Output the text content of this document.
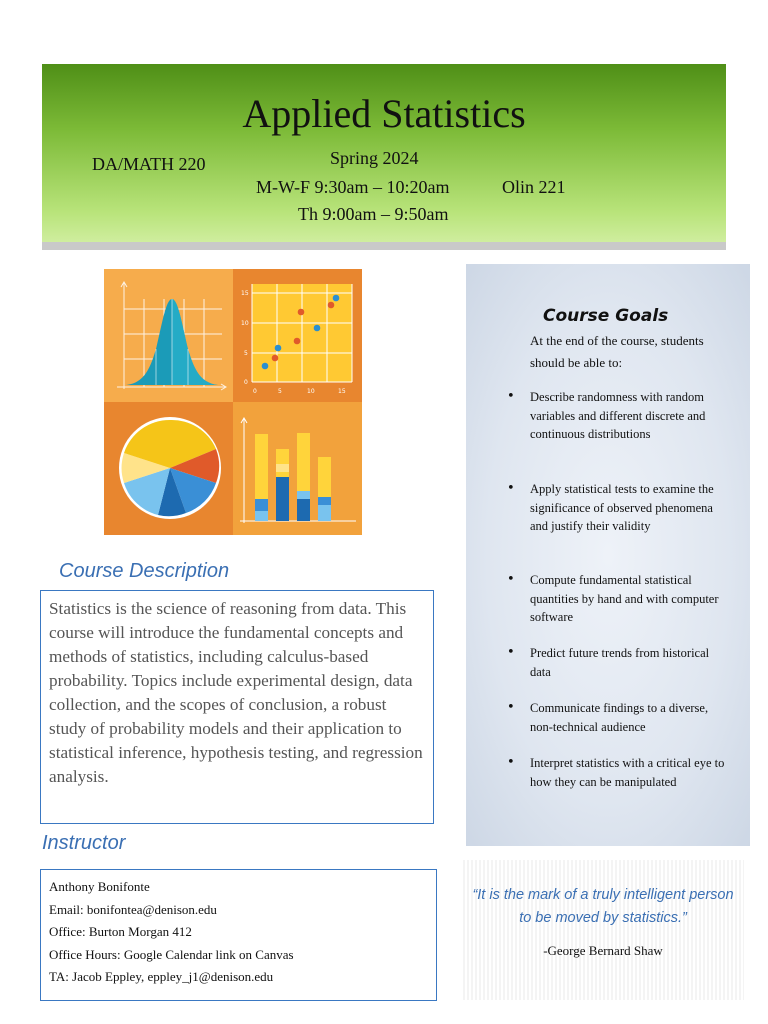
Applied Statistics
DA/MATH 220	Spring 2024
M-W-F 9:30am – 10:20am	Olin 221
Th 9:00am – 9:50am
15
10
5
0
0	5	10	15
Course Description
Statistics is the science of reasoning from data. This course will introduce the fundamental concepts and methods of statistics, including calculus-based probability. Topics include experimental design, data collection, and the scopes of conclusion, a robust study of probability models and their application to statistical inference, hypothesis testing, and regression analysis.
Instructor
Anthony Bonifonte
Email: bonifontea@denison.edu
Office: Burton Morgan 412
Office Hours: Google Calendar link on Canvas
TA: Jacob Eppley, eppley_j1@denison.edu
Course Goals
At the end of the course, students should be able to:
• Describe randomness with random variables and different discrete and continuous distributions
• Apply statistical tests to examine the significance of observed phenomena and justify their validity
• Compute fundamental statistical quantities by hand and with computer software
• Predict future trends from historical data
• Communicate findings to a diverse, non-technical audience
• Interpret statistics with a critical eye to how they can be manipulated
“It is the mark of a truly intelligent person to be moved by statistics.”
-George Bernard Shaw
